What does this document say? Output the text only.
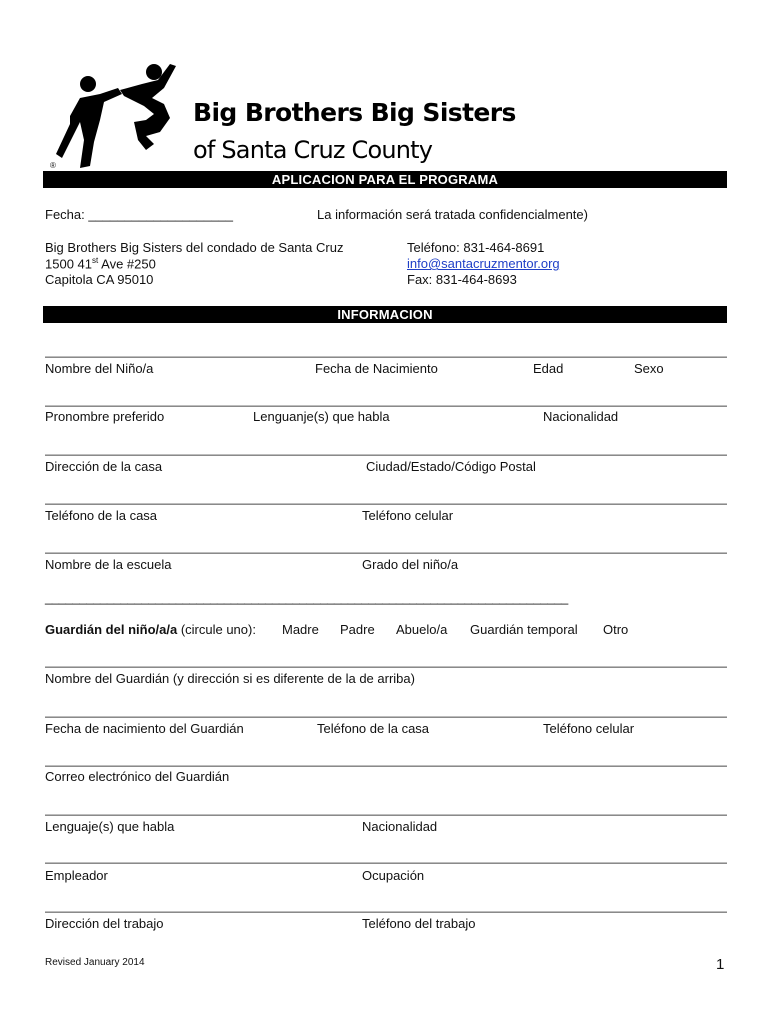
®
Big Brothers Big Sisters
of Santa Cruz County
APLICACION PARA EL PROGRAMA
Fecha: ____________________	La información será tratada confidencialmente)
Big Brothers Big Sisters del condado de Santa Cruz
1500 41st Ave #250
Capitola CA 95010
Teléfono: 831-464-8691
info@santacruzmentor.org
Fax: 831-464-8693
INFORMACION
Nombre del Niño/a	Fecha de Nacimiento	Edad	Sexo
Pronombre preferido	Lenguanje(s) que habla	Nacionalidad
Dirección de la casa	Ciudad/Estado/Código Postal
Teléfono de la casa	Teléfono celular
Nombre de la escuela	Grado del niño/a
____________________________________________________________________________
Guardián del niño/a/a (circule uno): Madre Padre Abuelo/a Guardián temporal Otro
Nombre del Guardián (y dirección si es diferente de la de arriba)
Fecha de nacimiento del Guardián	Teléfono de la casa	Teléfono celular
Correo electrónico del Guardián
Lenguaje(s) que habla	Nacionalidad
Empleador	Ocupación
Dirección del trabajo	Teléfono del trabajo
Revised January 2014	1
